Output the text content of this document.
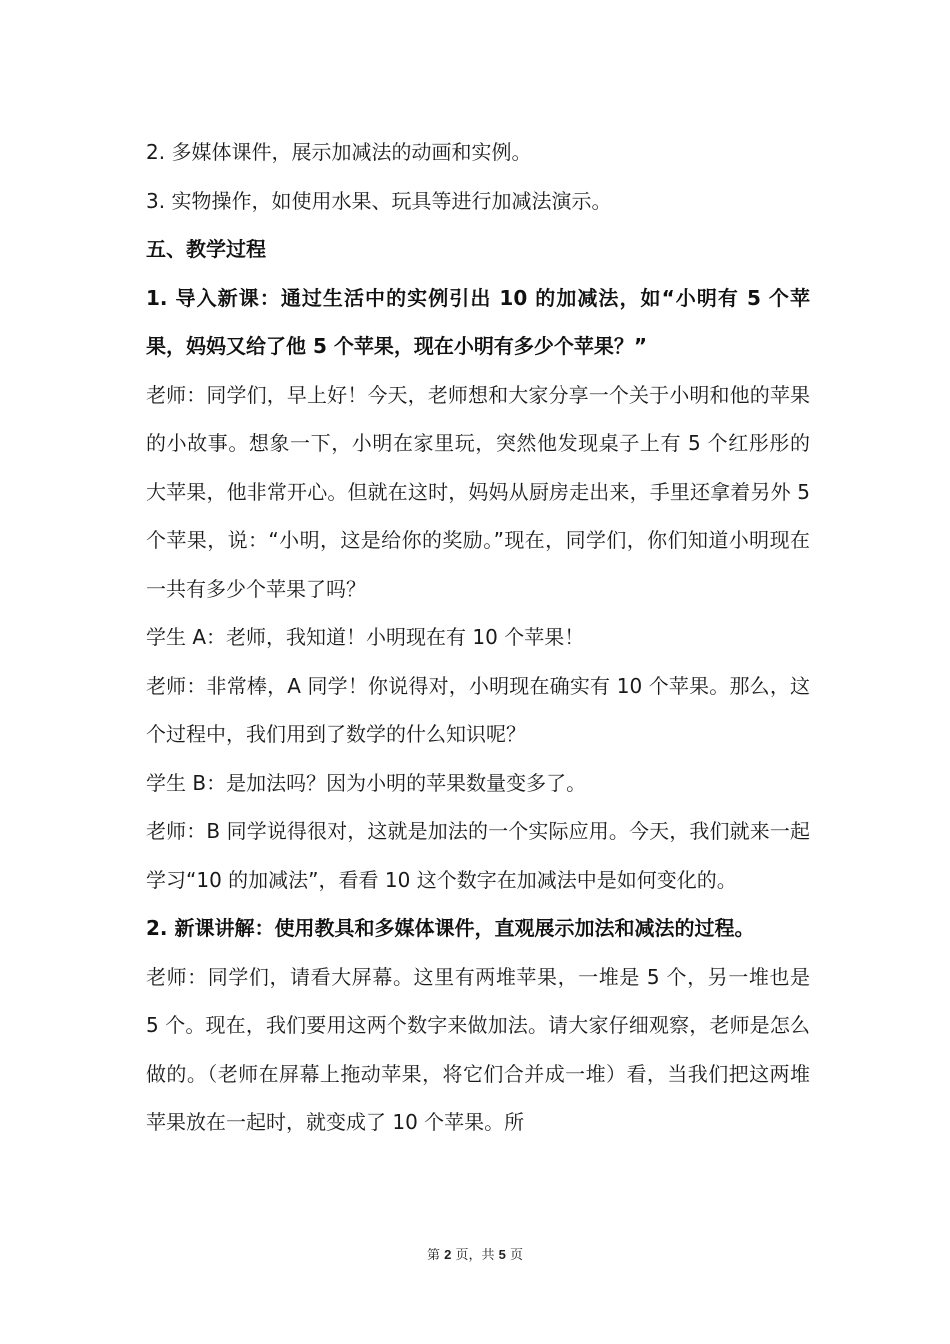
2. 多媒体课件，展示加减法的动画和实例。

3. 实物操作，如使用水果、玩具等进行加减法演示。

五、教学过程

1. 导入新课：通过生活中的实例引出 10 的加减法，如“小明有 5 个苹果，妈妈又给了他 5 个苹果，现在小明有多少个苹果？”

老师：同学们，早上好！今天，老师想和大家分享一个关于小明和他的苹果的小故事。想象一下，小明在家里玩，突然他发现桌子上有 5 个红彤彤的大苹果，他非常开心。但就在这时，妈妈从厨房走出来，手里还拿着另外 5 个苹果，说：“小明，这是给你的奖励。”现在，同学们，你们知道小明现在一共有多少个苹果了吗？

学生 A：老师，我知道！小明现在有 10 个苹果！

老师：非常棒，A 同学！你说得对，小明现在确实有 10 个苹果。那么，这个过程中，我们用到了数学的什么知识呢？

学生 B：是加法吗？因为小明的苹果数量变多了。

老师：B 同学说得很对，这就是加法的一个实际应用。今天，我们就来一起学习“10 的加减法”，看看 10 这个数字在加减法中是如何变化的。

2. 新课讲解：使用教具和多媒体课件，直观展示加法和减法的过程。

老师：同学们，请看大屏幕。这里有两堆苹果，一堆是 5 个，另一堆也是 5 个。现在，我们要用这两个数字来做加法。请大家仔细观察，老师是怎么做的。（老师在屏幕上拖动苹果，将它们合并成一堆）看，当我们把这两堆苹果放在一起时，就变成了 10 个苹果。所

第 2 页，共 5 页
